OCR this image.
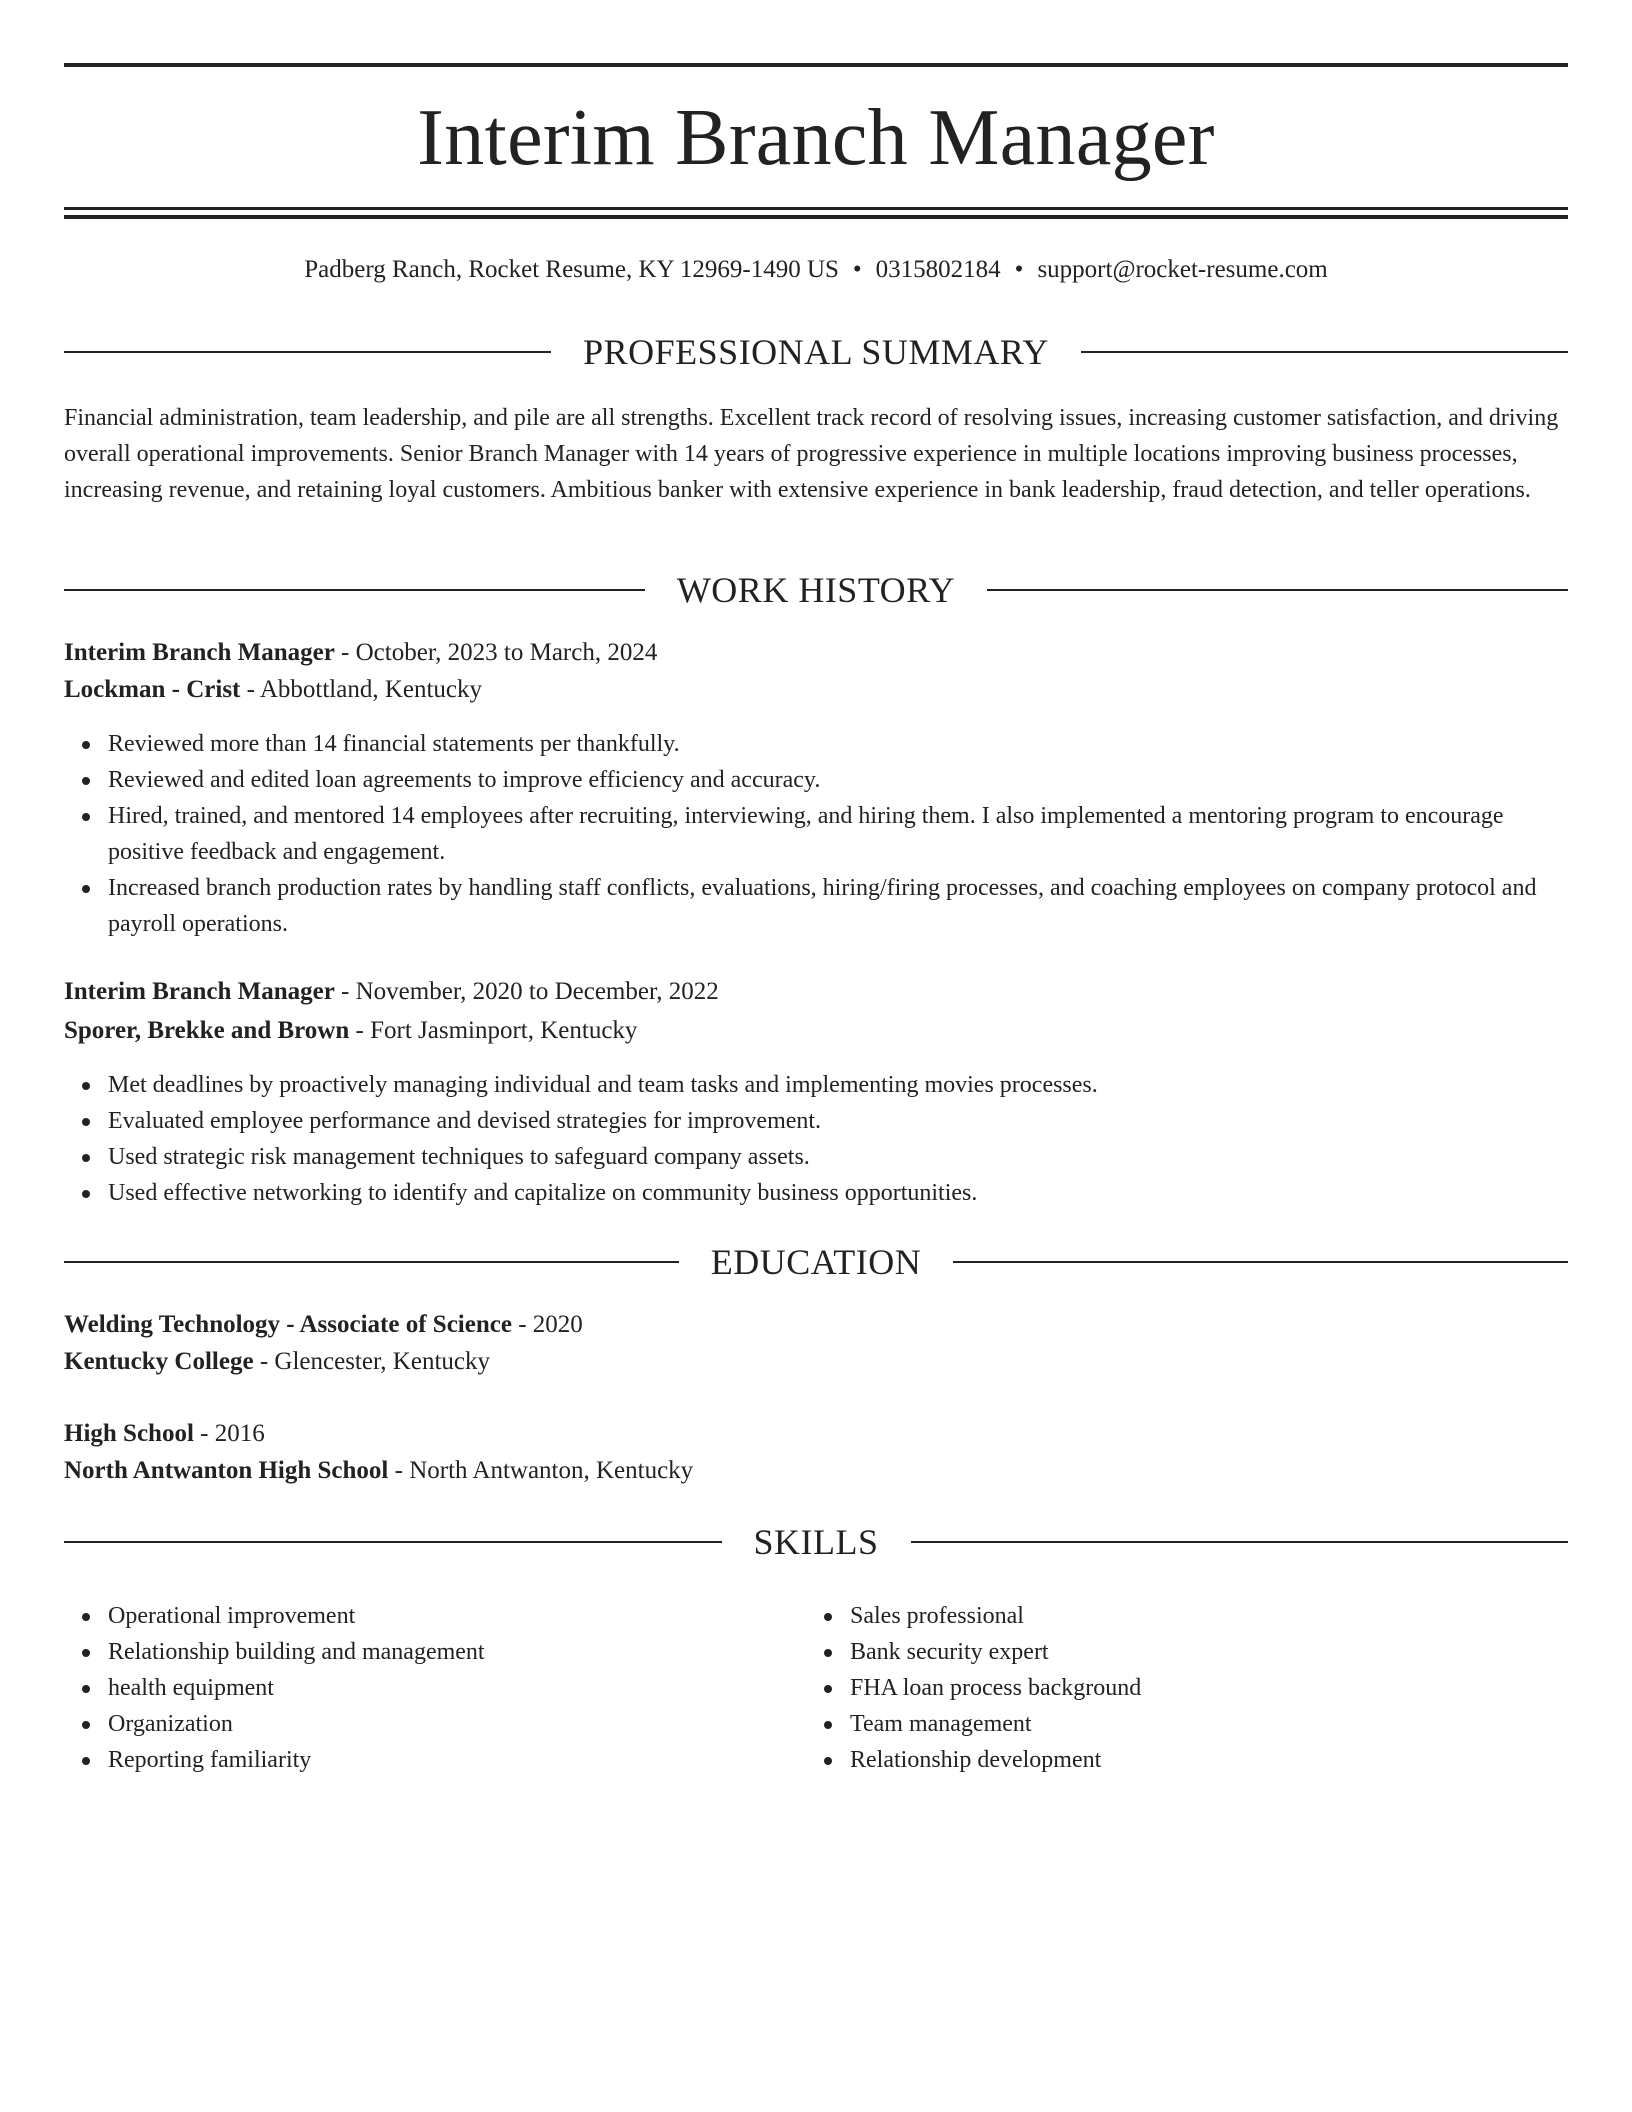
Interim Branch Manager
Padberg Ranch, Rocket Resume, KY 12969-1490 US • 0315802184 • support@rocket-resume.com
PROFESSIONAL SUMMARY

Financial administration, team leadership, and pile are all strengths. Excellent track record of resolving issues, increasing customer satisfaction, and driving overall operational improvements. Senior Branch Manager with 14 years of progressive experience in multiple locations improving business processes, increasing revenue, and retaining loyal customers. Ambitious banker with extensive experience in bank leadership, fraud detection, and teller operations.

WORK HISTORY
Interim Branch Manager - October, 2023 to March, 2024
Lockman - Crist - Abbottland, Kentucky
Reviewed more than 14 financial statements per thankfully.
Reviewed and edited loan agreements to improve efficiency and accuracy.
Hired, trained, and mentored 14 employees after recruiting, interviewing, and hiring them. I also implemented a mentoring program to encourage positive feedback and engagement.
Increased branch production rates by handling staff conflicts, evaluations, hiring/firing processes, and coaching employees on company protocol and payroll operations.
Interim Branch Manager - November, 2020 to December, 2022
Sporer, Brekke and Brown - Fort Jasminport, Kentucky
Met deadlines by proactively managing individual and team tasks and implementing movies processes.
Evaluated employee performance and devised strategies for improvement.
Used strategic risk management techniques to safeguard company assets.
Used effective networking to identify and capitalize on community business opportunities.
EDUCATION
Welding Technology - Associate of Science - 2020
Kentucky College - Glencester, Kentucky
High School - 2016
North Antwanton High School - North Antwanton, Kentucky
SKILLS
Operational improvement
Relationship building and management
health equipment
Organization
Reporting familiarity
Sales professional
Bank security expert
FHA loan process background
Team management
Relationship development
